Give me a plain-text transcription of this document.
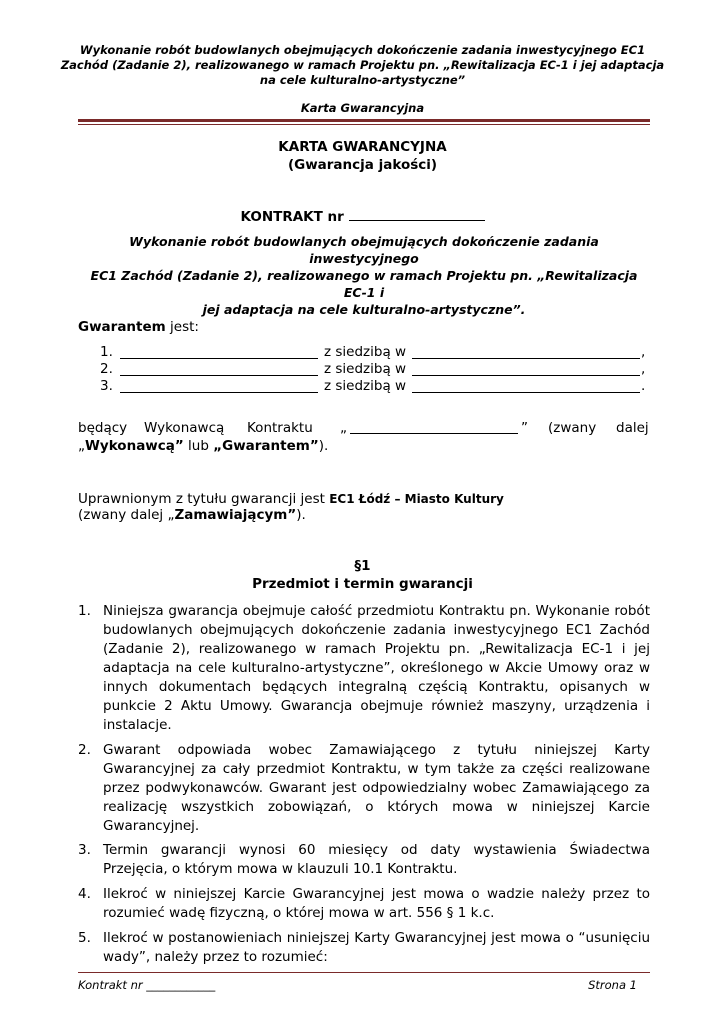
Wykonanie robót budowlanych obejmujących dokończenie zadania inwestycyjnego EC1
Zachód (Zadanie 2), realizowanego w ramach Projektu pn. „Rewitalizacja EC-1 i jej adaptacja
na cele kulturalno-artystyczne”
Karta Gwarancyjna
KARTA GWARANCYJNA
(Gwarancja jakości)
KONTRAKT nr
Wykonanie robót budowlanych obejmujących dokończenie zadania inwestycyjnego
EC1 Zachód (Zadanie 2), realizowanego w ramach Projektu pn. „Rewitalizacja EC-1 i
jej adaptacja na cele kulturalno-artystyczne”.
Gwarantem jest:
1.	z siedzibą w	,
2.	z siedzibą w	,
3.	z siedzibą w	.
będący Wykonawcą Kontraktu „	” (zwany dalej
„Wykonawcą” lub „Gwarantem”).
Uprawnionym z tytułu gwarancji jest EC1 Łódź – Miasto Kultury
(zwany dalej „Zamawiającym”).
§1
Przedmiot i termin gwarancji
1. Niniejsza gwarancja obejmuje całość przedmiotu Kontraktu pn. Wykonanie robót budowlanych obejmujących dokończenie zadania inwestycyjnego EC1 Zachód (Zadanie 2), realizowanego w ramach Projektu pn. „Rewitalizacja EC-1 i jej adaptacja na cele kulturalno-artystyczne”, określonego w Akcie Umowy oraz w innych dokumentach będących integralną częścią Kontraktu, opisanych w punkcie 2 Aktu Umowy. Gwarancja obejmuje również maszyny, urządzenia i instalacje.
2. Gwarant odpowiada wobec Zamawiającego z tytułu niniejszej Karty Gwarancyjnej za cały przedmiot Kontraktu, w tym także za części realizowane przez podwykonawców. Gwarant jest odpowiedzialny wobec Zamawiającego za realizację wszystkich zobowiązań, o których mowa w niniejszej Karcie Gwarancyjnej.
3. Termin gwarancji wynosi 60 miesięcy od daty wystawienia Świadectwa Przejęcia, o którym mowa w klauzuli 10.1 Kontraktu.
4. Ilekroć w niniejszej Karcie Gwarancyjnej jest mowa o wadzie należy przez to rozumieć wadę fizyczną, o której mowa w art. 556 § 1 k.c.
5. Ilekroć w postanowieniach niniejszej Karty Gwarancyjnej jest mowa o “usunięciu wady”, należy przez to rozumieć:
Kontrakt nr ____________	Strona 1
